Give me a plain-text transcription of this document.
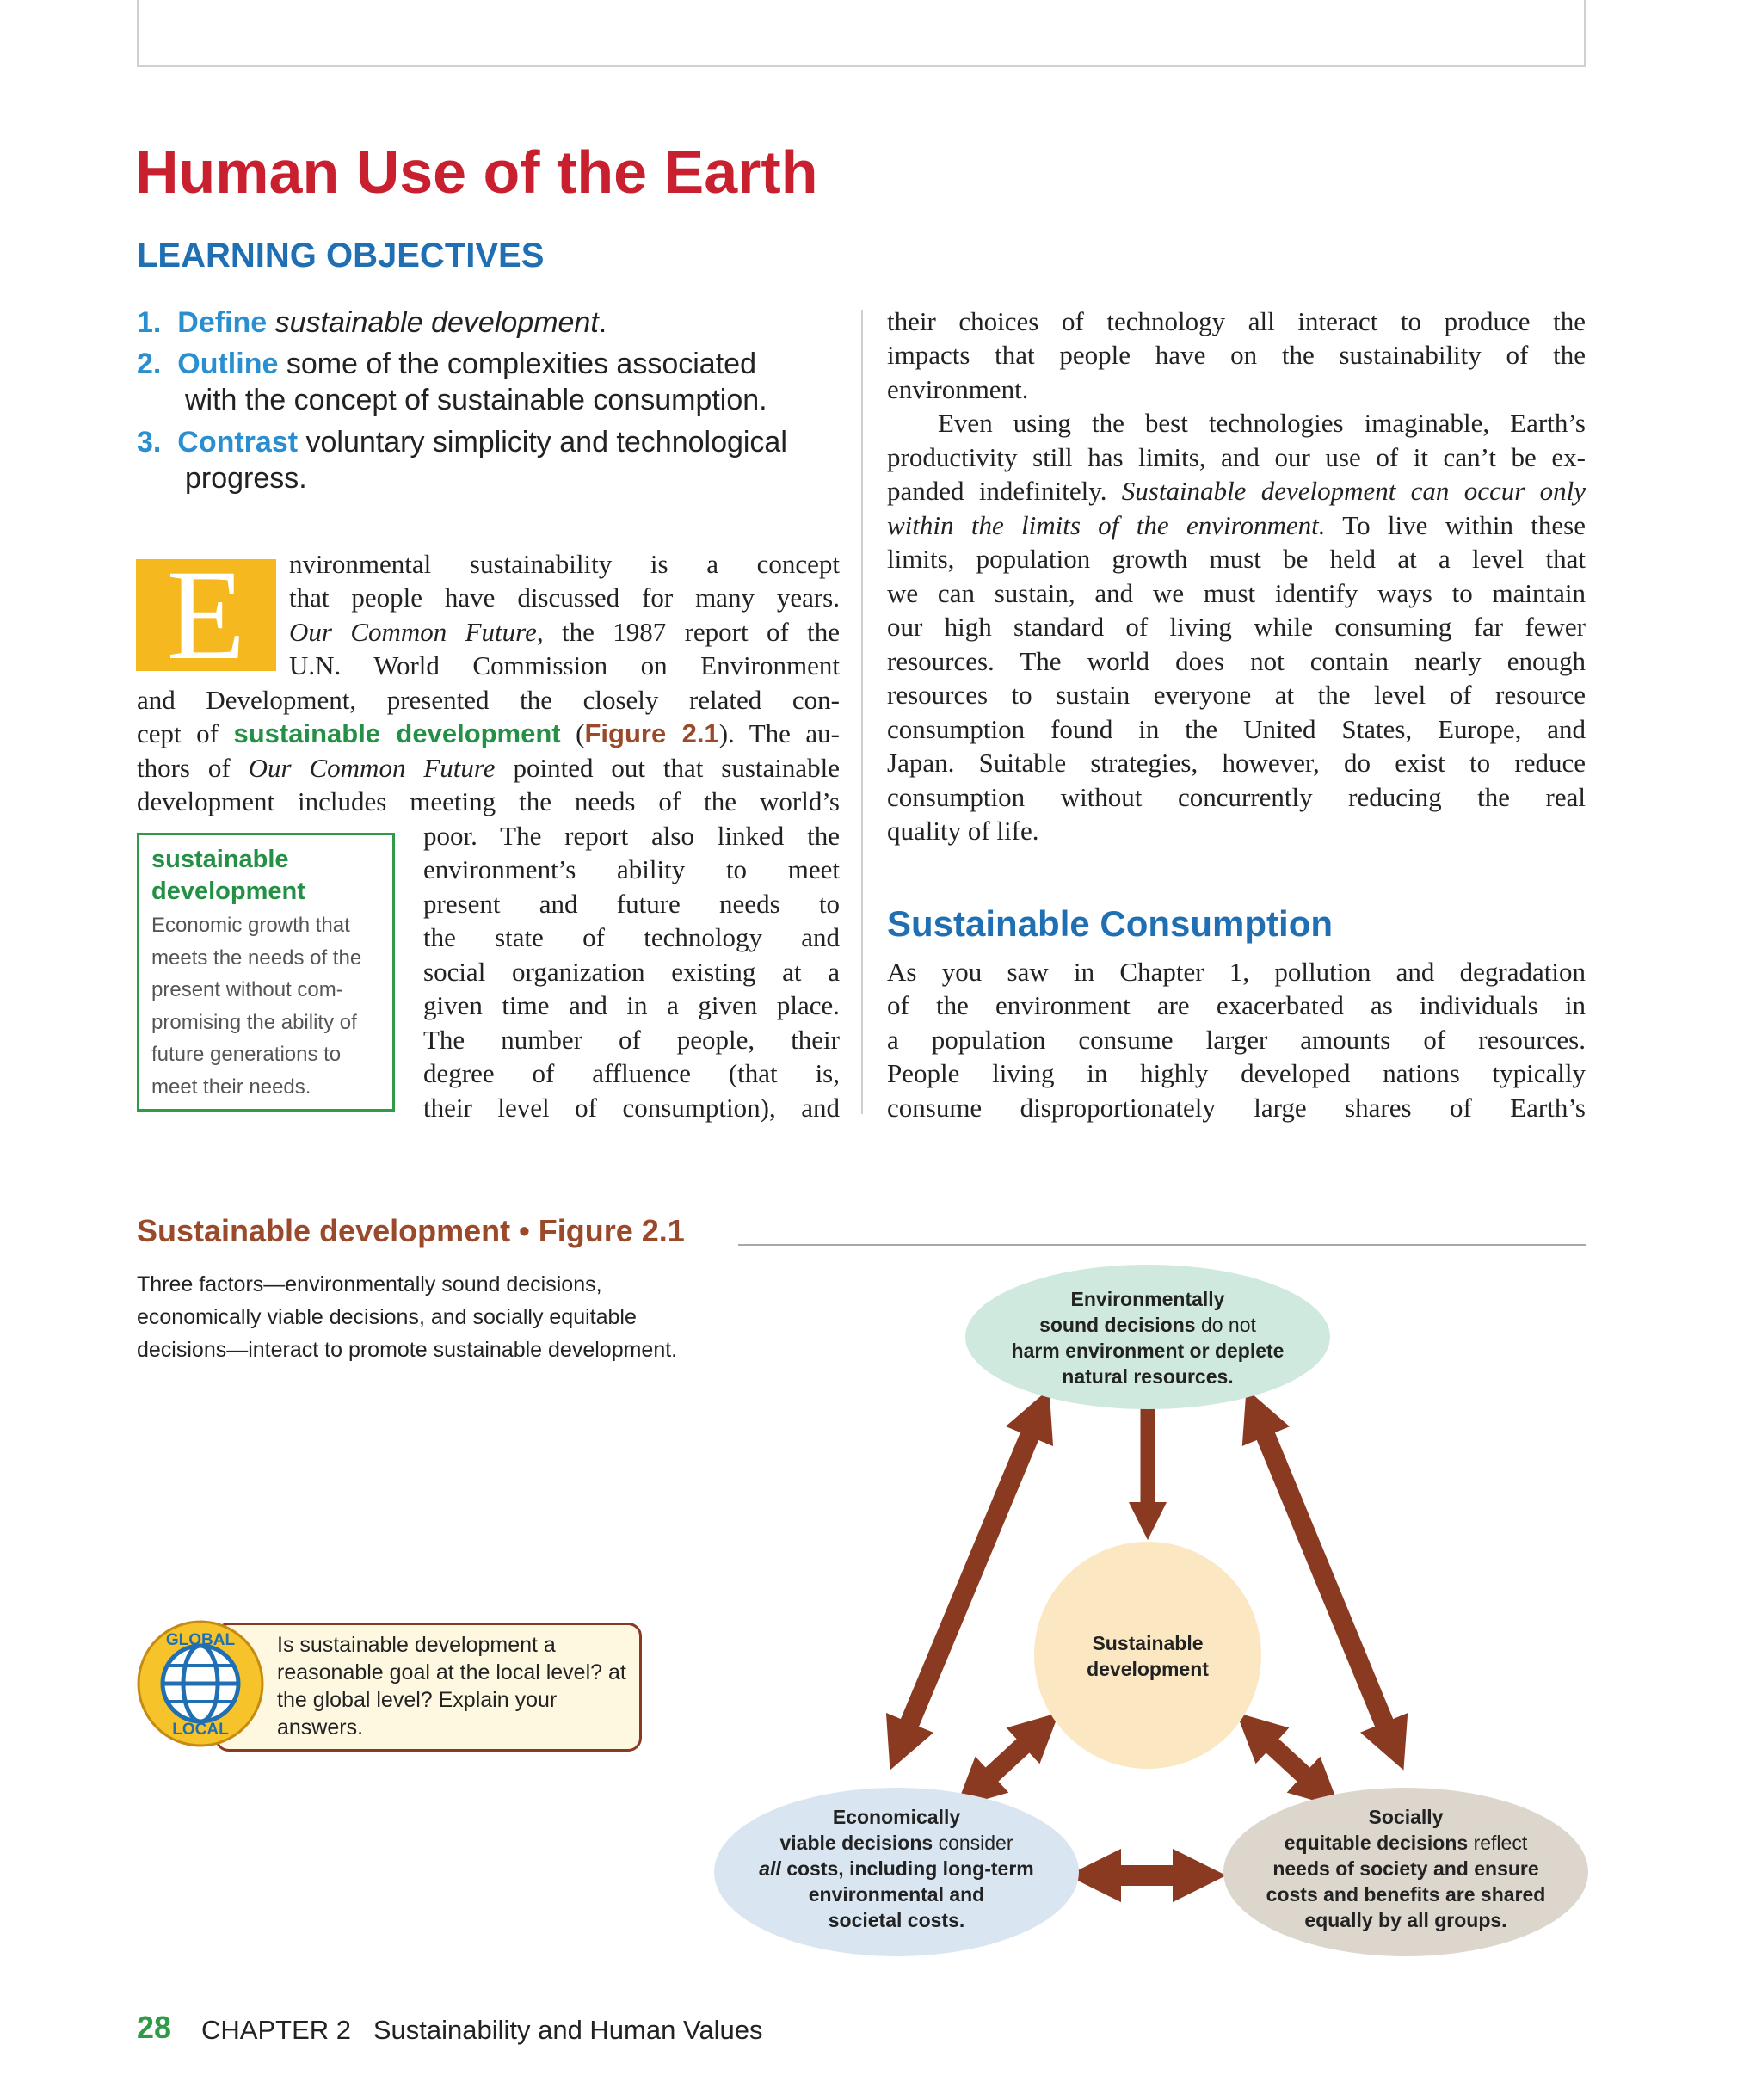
Human Use of the Earth
LEARNING OBJECTIVES
1. Define sustainable development.
2. Outline some of the complexities associated
with the concept of sustainable consumption.
3. Contrast voluntary simplicity and technological
progress.
E	nvironmental sustainability is a concept
that people have discussed for many years.
Our Common Future, the 1987 report of the
U.N. World Commission on Environment
and Development, presented the closely related con-
cept of sustainable development (Figure 2.1). The au-
thors of Our Common Future pointed out that sustainable
development includes meeting the needs of the world’s
poor. The report also linked the
environment’s ability to meet
present and future needs to
the state of technology and
social organization existing at a
given time and in a given place.
The number of people, their
degree of affluence (that is,
their level of consumption), and
sustainable
development
Economic growth that
meets the needs of the
present without com-
promising the ability of
future generations to
meet their needs.
their choices of technology all interact to produce the
impacts that people have on the sustainability of the
environment.
Even using the best technologies imaginable, Earth’s
productivity still has limits, and our use of it can’t be ex-
panded indefinitely. Sustainable development can occur only
within the limits of the environment. To live within these
limits, population growth must be held at a level that
we can sustain, and we must identify ways to maintain
our high standard of living while consuming far fewer
resources. The world does not contain nearly enough
resources to sustain everyone at the level of resource
consumption found in the United States, Europe, and
Japan. Suitable strategies, however, do exist to reduce
consumption without concurrently reducing the real
quality of life.
Sustainable Consumption
As you saw in Chapter 1, pollution and degradation
of the environment are exacerbated as individuals in
a population consume larger amounts of resources.
People living in highly developed nations typically
consume disproportionately large shares of Earth’s
Sustainable development • Figure 2.1
Three factors—environmentally sound decisions, economically viable decisions, and socially equitable decisions—interact to promote sustainable development.
Environmentally
sound decisions do not
harm environment or deplete
natural resources.
Sustainable
development
Economically
viable decisions consider
all costs, including long-term
environmental and
societal costs.
Socially
equitable decisions reflect
needs of society and ensure
costs and benefits are shared
equally by all groups.
GLOBAL
LOCAL
Is sustainable development a reasonable goal at the local level? at the global level? Explain your answers.
28 CHAPTER 2   Sustainability and Human Values
